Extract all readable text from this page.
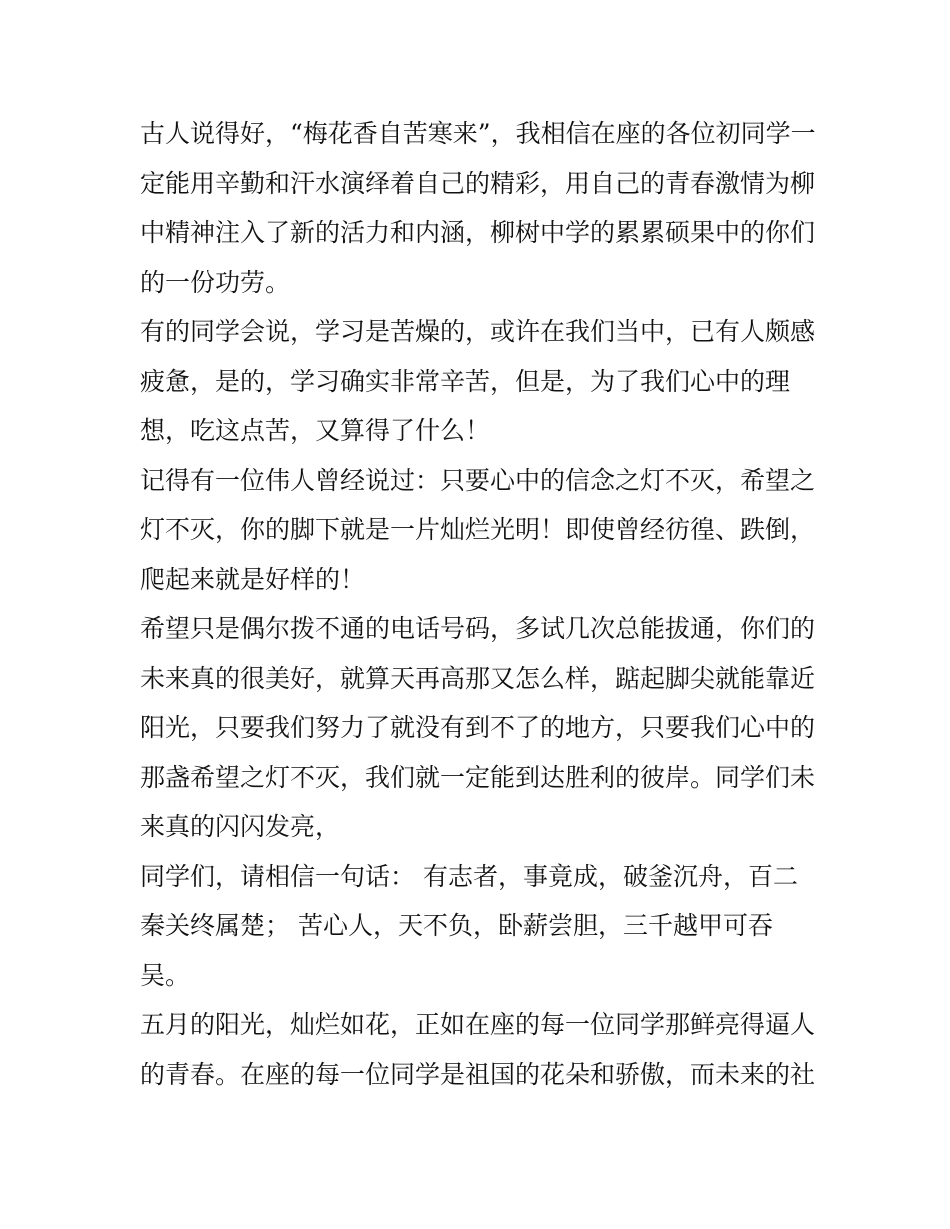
古人说得好，“梅花香自苦寒来”，我相信在座的各位初同学一
定能用辛勤和汗水演绎着自己的精彩，用自己的青春激情为柳
中精神注入了新的活力和内涵，柳树中学的累累硕果中的你们
的一份功劳。
有的同学会说，学习是苦燥的，或许在我们当中，已有人颇感
疲惫，是的，学习确实非常辛苦，但是，为了我们心中的理
想，吃这点苦，又算得了什么！
记得有一位伟人曾经说过：只要心中的信念之灯不灭，希望之
灯不灭，你的脚下就是一片灿烂光明！即使曾经彷徨、跌倒，
爬起来就是好样的！
希望只是偶尔拨不通的电话号码，多试几次总能拔通，你们的
未来真的很美好，就算天再高那又怎么样，踮起脚尖就能靠近
阳光，只要我们努力了就没有到不了的地方，只要我们心中的
那盏希望之灯不灭，我们就一定能到达胜利的彼岸。同学们未
来真的闪闪发亮，
同学们，请相信一句话： 有志者，事竟成，破釜沉舟，百二
秦关终属楚； 苦心人，天不负，卧薪尝胆，三千越甲可吞
吴。
五月的阳光，灿烂如花，正如在座的每一位同学那鲜亮得逼人
的青春。在座的每一位同学是祖国的花朵和骄傲，而未来的社
